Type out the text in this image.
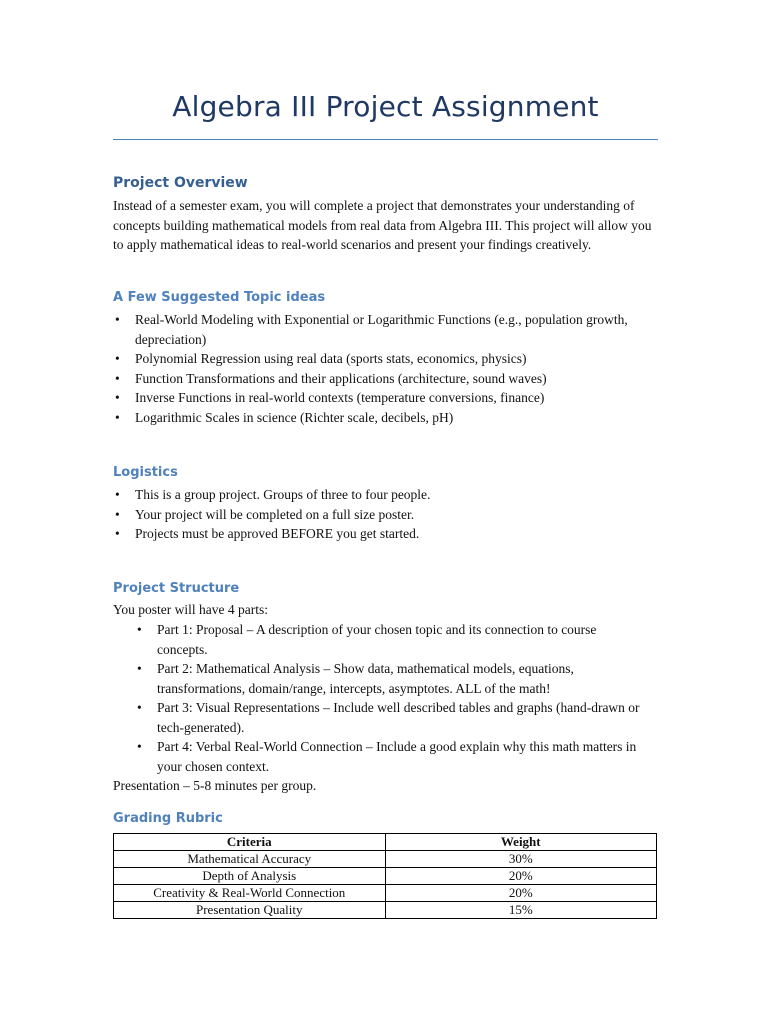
Algebra III Project Assignment
Project Overview

Instead of a semester exam, you will complete a project that demonstrates your understanding of concepts building mathematical models from real data from Algebra III. This project will allow you to apply mathematical ideas to real-world scenarios and present your findings creatively.

A Few Suggested Topic ideas
• Real-World Modeling with Exponential or Logarithmic Functions (e.g., population growth, depreciation)
• Polynomial Regression using real data (sports stats, economics, physics)
• Function Transformations and their applications (architecture, sound waves)
• Inverse Functions in real-world contexts (temperature conversions, finance)
• Logarithmic Scales in science (Richter scale, decibels, pH)
Logistics
• This is a group project. Groups of three to four people.
• Your project will be completed on a full size poster.
• Projects must be approved BEFORE you get started.
Project Structure

You poster will have 4 parts:

• Part 1: Proposal – A description of your chosen topic and its connection to course concepts.
• Part 2: Mathematical Analysis – Show data, mathematical models, equations, transformations, domain/range, intercepts, asymptotes. ALL of the math!
• Part 3: Visual Representations – Include well described tables and graphs (hand-drawn or tech-generated).
• Part 4: Verbal Real-World Connection – Include a good explain why this math matters in your chosen context.

Presentation – 5-8 minutes per group.

Grading Rubric
Criteria	Weight
Mathematical Accuracy	30%
Depth of Analysis	20%
Creativity & Real-World Connection	20%
Presentation Quality	15%
